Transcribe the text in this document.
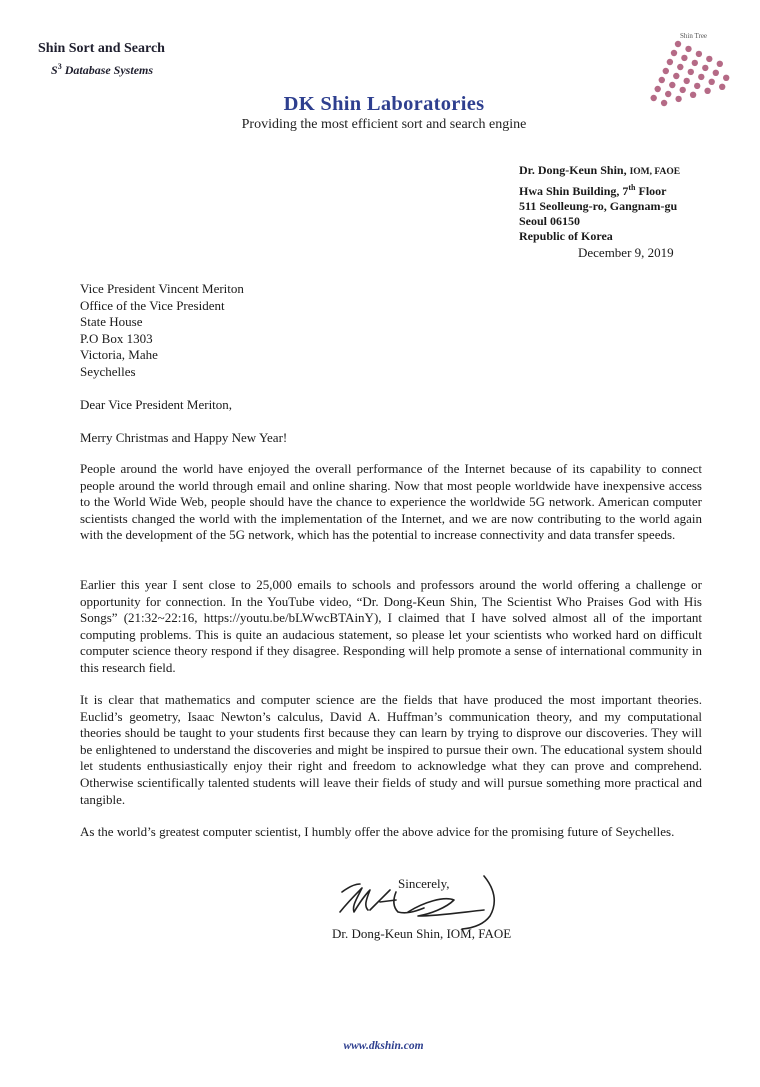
Shin Sort and Search
$S^3$ Database Systems
Shin Tree
DK Shin Laboratories
Providing the most efficient sort and search engine
Dr. Dong-Keun Shin, IOM, FAOE
Hwa Shin Building, 7th Floor
511 Seolleung-ro, Gangnam-gu
Seoul 06150
Republic of Korea
December 9, 2019
Vice President Vincent Meriton
Office of the Vice President
State House
P.O Box 1303
Victoria, Mahe
Seychelles
Dear Vice President Meriton,
Merry Christmas and Happy New Year!
People around the world have enjoyed the overall performance of the Internet because of its capability to connect people around the world through email and online sharing. Now that most people worldwide have inexpensive access to the World Wide Web, people should have the chance to experience the worldwide 5G network. American computer scientists changed the world with the implementation of the Internet, and we are now contributing to the world again with the development of the 5G network, which has the potential to increase connectivity and data transfer speeds.
Earlier this year I sent close to 25,000 emails to schools and professors around the world offering a challenge or opportunity for connection. In the YouTube video, “Dr. Dong-Keun Shin, The Scientist Who Praises God with His Songs” (21:32~22:16, https://youtu.be/bLWwcBTAinY), I claimed that I have solved almost all of the important computing problems. This is quite an audacious statement, so please let your scientists who worked hard on difficult computer science theory respond if they disagree. Responding will help promote a sense of international community in this research field.
It is clear that mathematics and computer science are the fields that have produced the most important theories. Euclid’s geometry, Isaac Newton’s calculus, David A. Huffman’s communication theory, and my computational theories should be taught to your students first because they can learn by trying to disprove our discoveries. They will be enlightened to understand the discoveries and might be inspired to pursue their own. The educational system should let students enthusiastically enjoy their right and freedom to acknowledge what they can prove and comprehend. Otherwise scientifically talented students will leave their fields of study and will pursue something more practical and tangible.
As the world’s greatest computer scientist, I humbly offer the above advice for the promising future of Seychelles.
Sincerely,
Dr. Dong-Keun Shin, IOM, FAOE
www.dkshin.com
